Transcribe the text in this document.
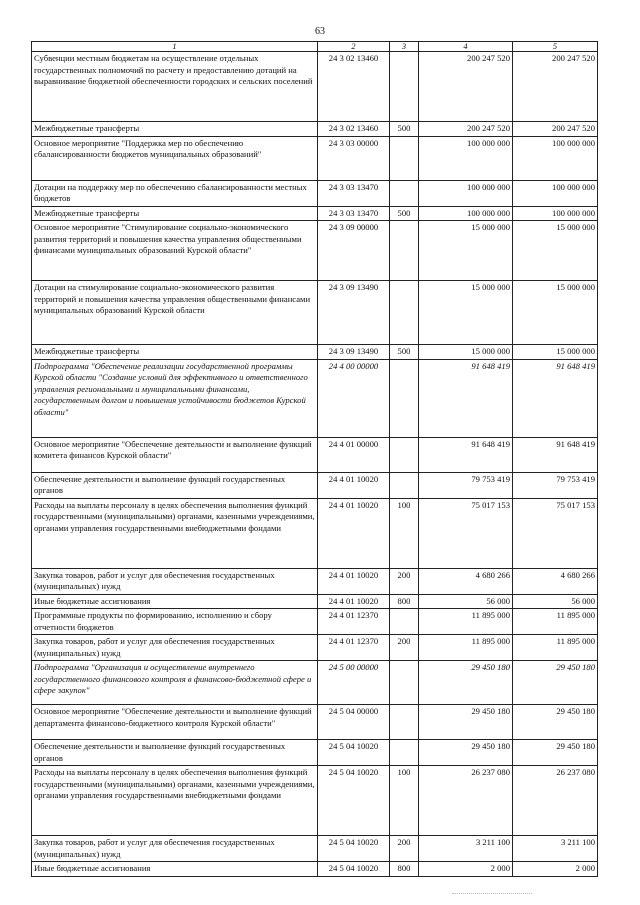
63
1	2	3	4	5
Субвенции местным бюджетам на осуществление отдельных государственных полномочий по расчету и предоставлению дотаций на выравнивание бюджетной обеспеченности городских и сельских поселений	24 3 02 13460		200 247 520	200 247 520
Межбюджетные трансферты	24 3 02 13460	500	200 247 520	200 247 520
Основное мероприятие "Поддержка мер по обеспечению сбалансированности бюджетов муниципальных образований"	24 3 03 00000		100 000 000	100 000 000
Дотации на поддержку мер по обеспечению сбалансированности местных бюджетов	24 3 03 13470		100 000 000	100 000 000
Межбюджетные трансферты	24 3 03 13470	500	100 000 000	100 000 000
Основное мероприятие "Стимулирование социально-экономического развития территорий и повышения качества управления общественными финансами муниципальных образований Курской области"	24 3 09 00000		15 000 000	15 000 000
Дотации на стимулирование социально-экономического развития территорий и повышения качества управления общественными финансами муниципальных образований Курской области	24 3 09 13490		15 000 000	15 000 000
Межбюджетные трансферты	24 3 09 13490	500	15 000 000	15 000 000
Подпрограмма "Обеспечение реализации государственной программы Курской области "Создание условий для эффективного и ответственного управления региональными и муниципальными финансами, государственным долгом и повышения устойчивости бюджетов Курской области"	24 4 00 00000		91 648 419	91 648 419
Основное мероприятие "Обеспечение деятельности и выполнение функций комитета финансов Курской области"	24 4 01 00000		91 648 419	91 648 419
Обеспечение деятельности и выполнение функций государственных органов	24 4 01 10020		79 753 419	79 753 419
Расходы на выплаты персоналу в целях обеспечения выполнения функций государственными (муниципальными) органами, казенными учреждениями, органами управления государственными внебюджетными фондами	24 4 01 10020	100	75 017 153	75 017 153
Закупка товаров, работ и услуг для обеспечения государственных (муниципальных) нужд	24 4 01 10020	200	4 680 266	4 680 266
Иные бюджетные ассигнования	24 4 01 10020	800	56 000	56 000
Программные продукты по формированию, исполнению и сбору отчетности бюджетов	24 4 01 12370		11 895 000	11 895 000
Закупка товаров, работ и услуг для обеспечения государственных (муниципальных) нужд	24 4 01 12370	200	11 895 000	11 895 000
Подпрограмма "Организация и осуществление внутреннего государственного финансового контроля в финансово-бюджетной сфере и сфере закупок"	24 5 00 00000		29 450 180	29 450 180
Основное мероприятие "Обеспечение деятельности и выполнение функций департамента финансово-бюджетного контроля Курской области"	24 5 04 00000		29 450 180	29 450 180
Обеспечение деятельности и выполнение функций государственных органов	24 5 04 10020		29 450 180	29 450 180
Расходы на выплаты персоналу в целях обеспечения выполнения функций государственными (муниципальными) органами, казенными учреждениями, органами управления государственными внебюджетными фондами	24 5 04 10020	100	26 237 080	26 237 080
Закупка товаров, работ и услуг для обеспечения государственных (муниципальных) нужд	24 5 04 10020	200	3 211 100	3 211 100
Иные бюджетные ассигнования	24 5 04 10020	800	2 000	2 000
